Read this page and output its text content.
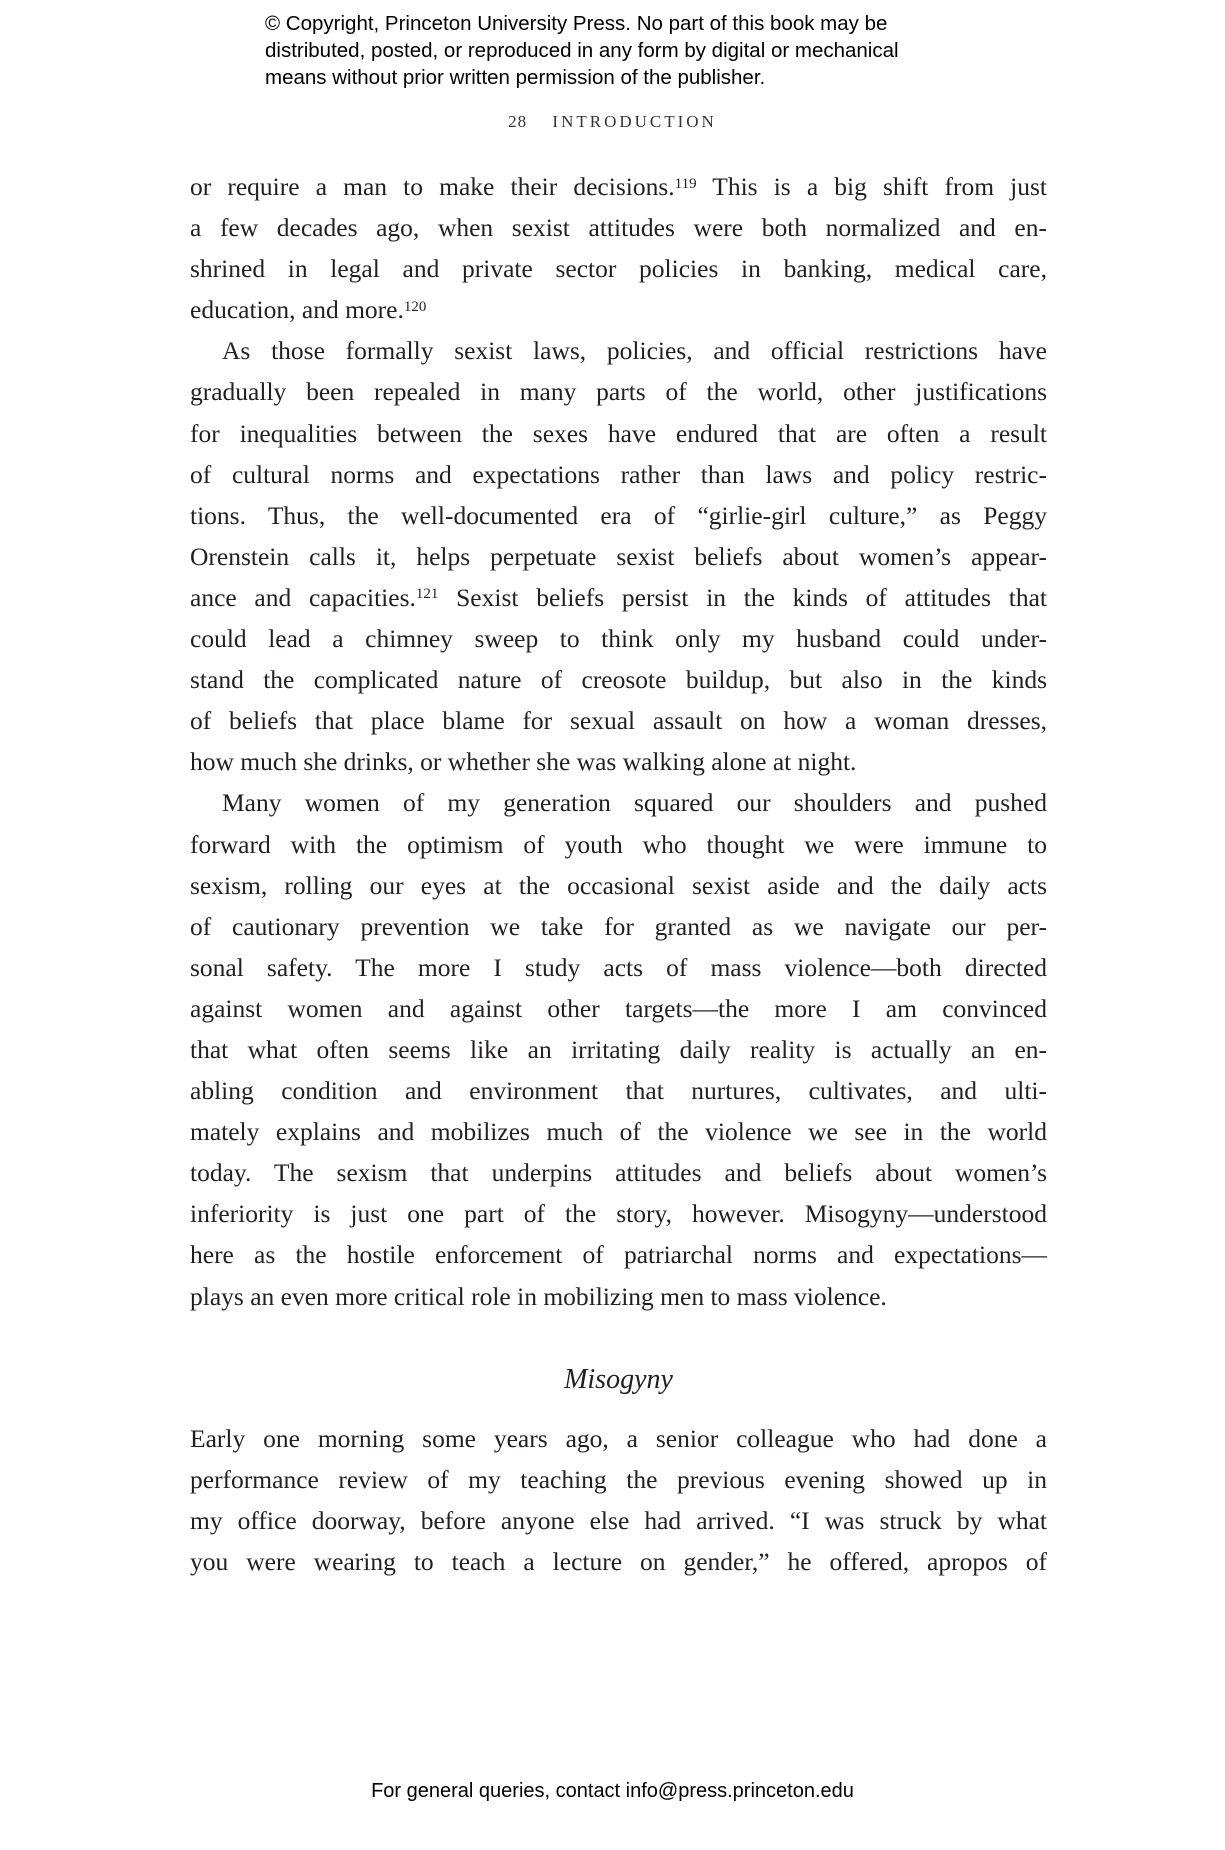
© Copyright, Princeton University Press. No part of this book may be
distributed, posted, or reproduced in any form by digital or mechanical
means without prior written permission of the publisher.
28 INTRODUCTION
or require a man to make their decisions.$^{119}$ This is a big shift from just
a few decades ago, when sexist attitudes were both normalized and en-
shrined in legal and private sector policies in banking, medical care,
education, and more.$^{120}$
As those formally sexist laws, policies, and official restrictions have
gradually been repealed in many parts of the world, other justifications
for inequalities between the sexes have endured that are often a result
of cultural norms and expectations rather than laws and policy restric-
tions. Thus, the well-documented era of “girlie-girl culture,” as Peggy
Orenstein calls it, helps perpetuate sexist beliefs about women’s appear-
ance and capacities.$^{121}$ Sexist beliefs persist in the kinds of attitudes that
could lead a chimney sweep to think only my husband could under-
stand the complicated nature of creosote buildup, but also in the kinds
of beliefs that place blame for sexual assault on how a woman dresses,
how much she drinks, or whether she was walking alone at night.
Many women of my generation squared our shoulders and pushed
forward with the optimism of youth who thought we were immune to
sexism, rolling our eyes at the occasional sexist aside and the daily acts
of cautionary prevention we take for granted as we navigate our per-
sonal safety. The more I study acts of mass violence—both directed
against women and against other targets—the more I am convinced
that what often seems like an irritating daily reality is actually an en-
abling condition and environment that nurtures, cultivates, and ulti-
mately explains and mobilizes much of the violence we see in the world
today. The sexism that underpins attitudes and beliefs about women’s
inferiority is just one part of the story, however. Misogyny—understood
here as the hostile enforcement of patriarchal norms and expectations—
plays an even more critical role in mobilizing men to mass violence.
Misogyny
Early one morning some years ago, a senior colleague who had done a
performance review of my teaching the previous evening showed up in
my office doorway, before anyone else had arrived. “I was struck by what
you were wearing to teach a lecture on gender,” he offered, apropos of
For general queries, contact info@press.princeton.edu
